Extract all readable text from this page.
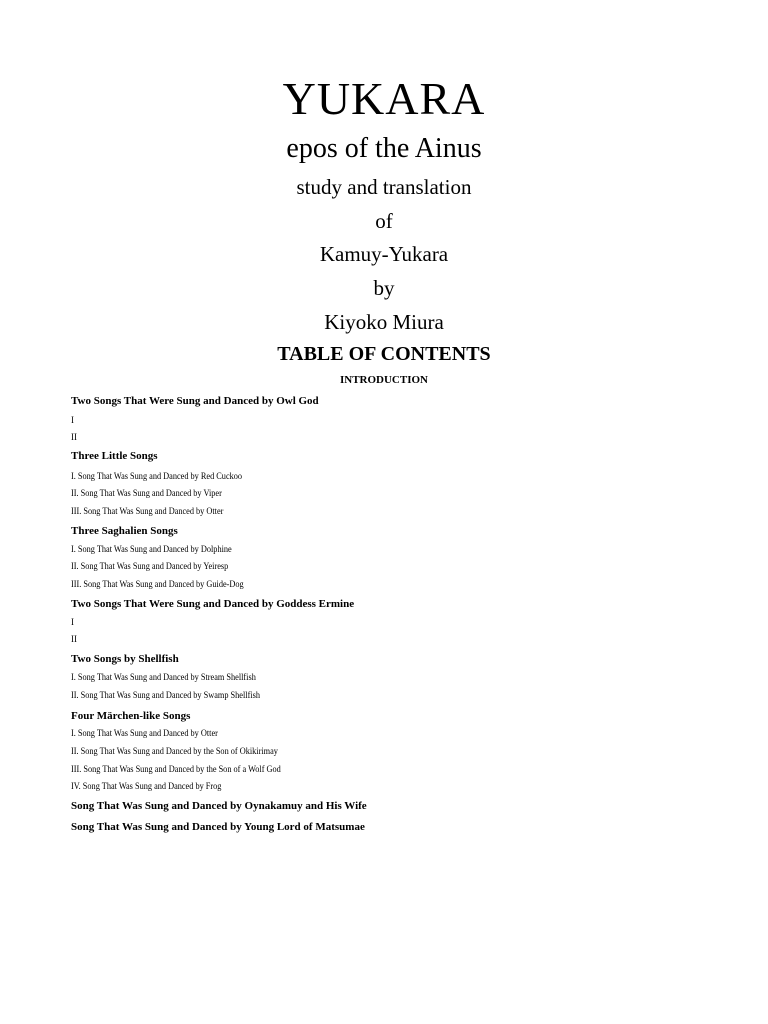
YUKARA
epos of the Ainus
study and translation
of
Kamuy-Yukara
by
Kiyoko Miura
TABLE OF CONTENTS
INTRODUCTION
Two Songs That Were Sung and Danced by Owl God
I
II
Three Little Songs
I. Song That Was Sung and Danced by Red Cuckoo
II. Song That Was Sung and Danced by Viper
III. Song That Was Sung and Danced by Otter
Three Saghalien Songs
I. Song That Was Sung and Danced by Dolphine
II. Song That Was Sung and Danced by Yeiresp
III. Song That Was Sung and Danced by Guide-Dog
Two Songs That Were Sung and Danced by Goddess Ermine
I
II
Two Songs by Shellfish
I. Song That Was Sung and Danced by Stream Shellfish
II. Song That Was Sung and Danced by Swamp Shellfish
Four Märchen-like Songs
I. Song That Was Sung and Danced by Otter
II. Song That Was Sung and Danced by the Son of Okikirimay
III. Song That Was Sung and Danced by the Son of a Wolf God
IV. Song That Was Sung and Danced by Frog
Song That Was Sung and Danced by Oynakamuy and His Wife
Song That Was Sung and Danced by Young Lord of Matsumae
